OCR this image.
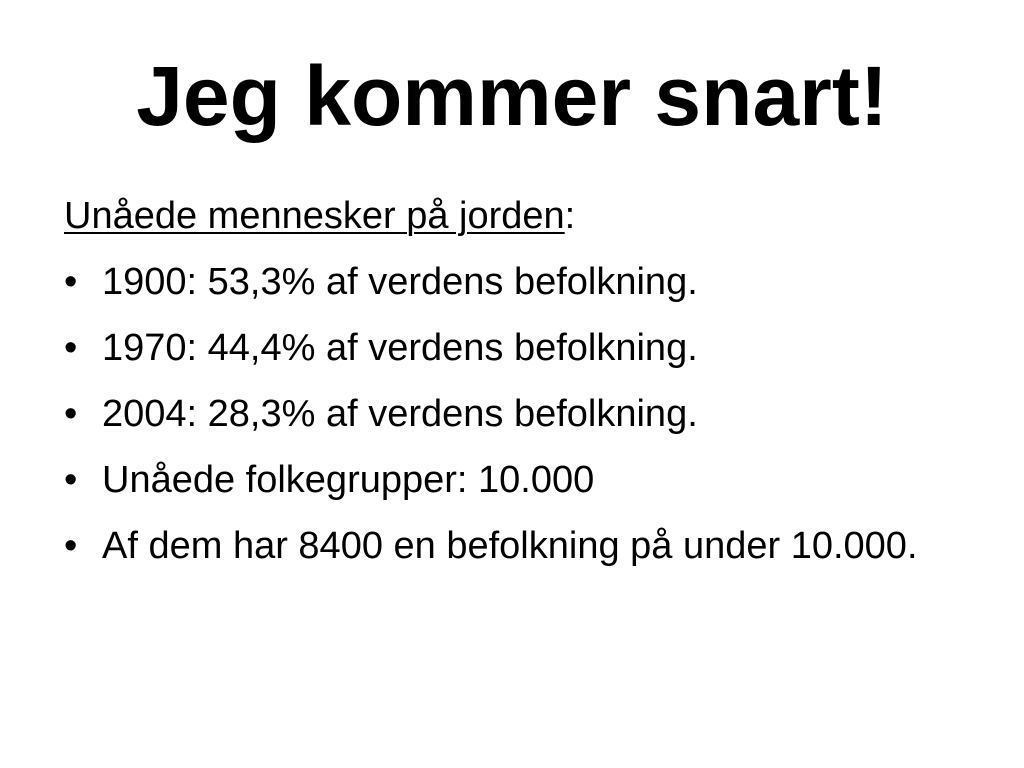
Jeg kommer snart!

Unåede mennesker på jorden:

• 1900: 53,3% af verdens befolkning.
• 1970: 44,4% af verdens befolkning.
• 2004: 28,3% af verdens befolkning.
• Unåede folkegrupper: 10.000
• Af dem har 8400 en befolkning på under 10.000.
